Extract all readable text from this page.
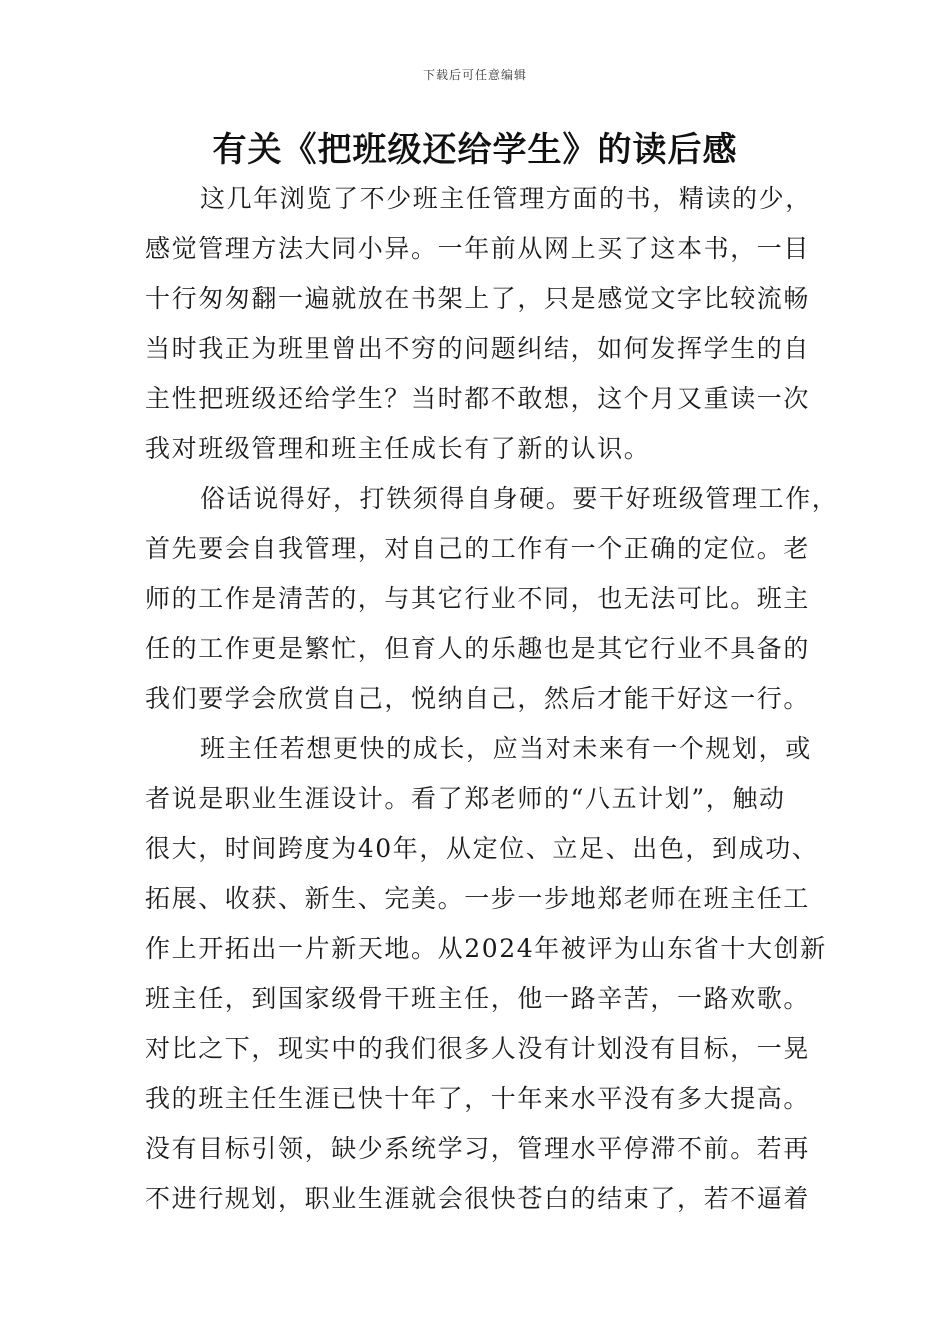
下载后可任意编辑
有关《把班级还给学生》的读后感
这几年浏览了不少班主任管理方面的书，精读的少，
感觉管理方法大同小异。一年前从网上买了这本书，一目
十行匆匆翻一遍就放在书架上了，只是感觉文字比较流畅
当时我正为班里曾出不穷的问题纠结，如何发挥学生的自
主性把班级还给学生？当时都不敢想，这个月又重读一次
我对班级管理和班主任成长有了新的认识。
俗话说得好，打铁须得自身硬。要干好班级管理工作，
首先要会自我管理，对自己的工作有一个正确的定位。老
师的工作是清苦的，与其它行业不同，也无法可比。班主
任的工作更是繁忙，但育人的乐趣也是其它行业不具备的
我们要学会欣赏自己，悦纳自己，然后才能干好这一行。
班主任若想更快的成长，应当对未来有一个规划，或
者说是职业生涯设计。看了郑老师的“八五计划”，触动
很大，时间跨度为40年，从定位、立足、出色，到成功、
拓展、收获、新生、完美。一步一步地郑老师在班主任工
作上开拓出一片新天地。从2024年被评为山东省十大创新
班主任，到国家级骨干班主任，他一路辛苦，一路欢歌。
对比之下，现实中的我们很多人没有计划没有目标，一晃
我的班主任生涯已快十年了，十年来水平没有多大提高。
没有目标引领，缺少系统学习，管理水平停滞不前。若再
不进行规划，职业生涯就会很快苍白的结束了，若不逼着
